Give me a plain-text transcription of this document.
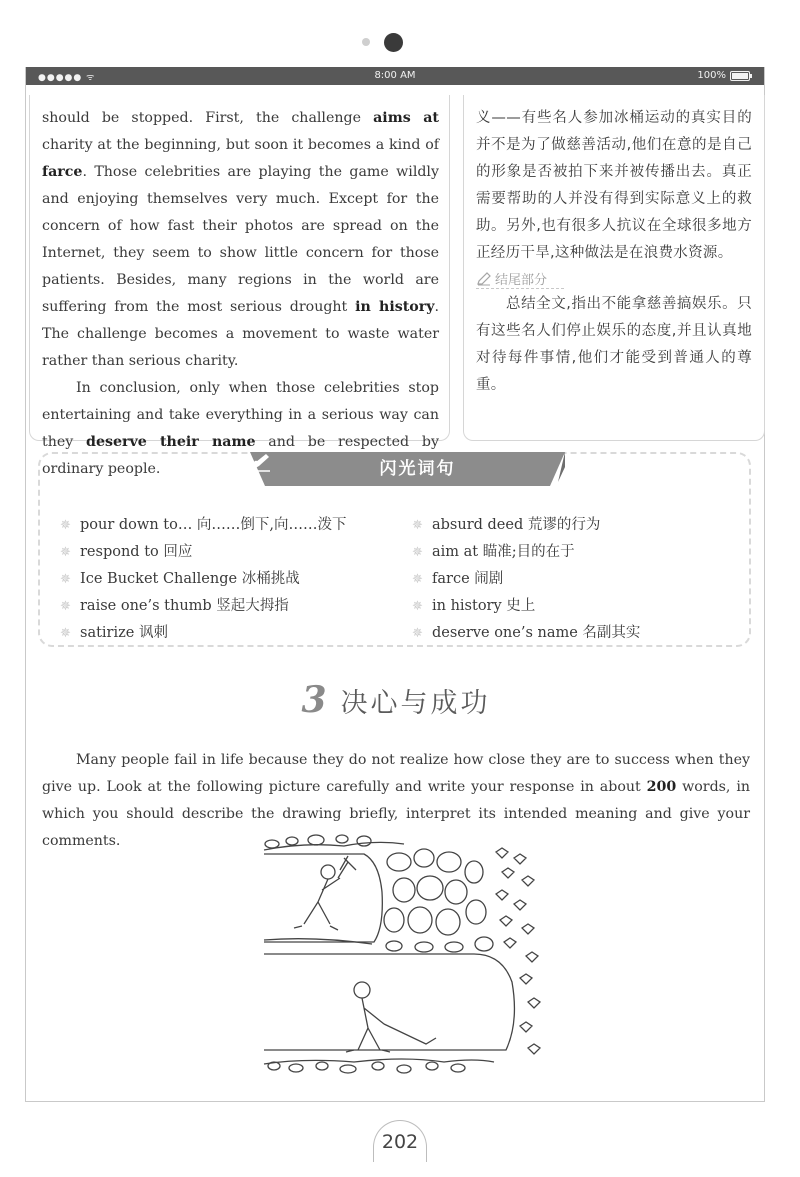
●●●●● ᯤ	8:00 AM	100%

should be stopped. First, the challenge aims at charity at the beginning, but soon it becomes a kind of farce. Those celebrities are playing the game wildly and enjoying themselves very much. Except for the concern of how fast their photos are spread on the Internet, they seem to show little concern for those patients. Besides, many regions in the world are suffering from the most serious drought in history. The challenge becomes a movement to waste water rather than serious charity.

In conclusion, only when those celebrities stop entertaining and take everything in a serious way can they deserve their name and be respected by ordinary people.

义——有些名人参加冰桶运动的真实目的并不是为了做慈善活动,他们在意的是自己的形象是否被拍下来并被传播出去。真正需要帮助的人并没有得到实际意义上的救助。另外,也有很多人抗议在全球很多地方正经历干旱,这种做法是在浪费水资源。

结尾部分

总结全文,指出不能拿慈善搞娱乐。只有这些名人们停止娱乐的态度,并且认真地对待每件事情,他们才能受到普通人的尊重。

闪光词句
✵ pour down to… 向……倒下,向……泼下
✵ respond to 回应
✵ Ice Bucket Challenge 冰桶挑战
✵ raise one’s thumb 竖起大拇指
✵ satirize 讽刺
✵ absurd deed 荒谬的行为
✵ aim at 瞄准;目的在于
✵ farce 闹剧
✵ in history 史上
✵ deserve one’s name 名副其实
3 决心与成功

Many people fail in life because they do not realize how close they are to success when they give up. Look at the following picture carefully and write your response in about 200 words, in which you should describe the drawing briefly, interpret its intended meaning and give your comments.

202
